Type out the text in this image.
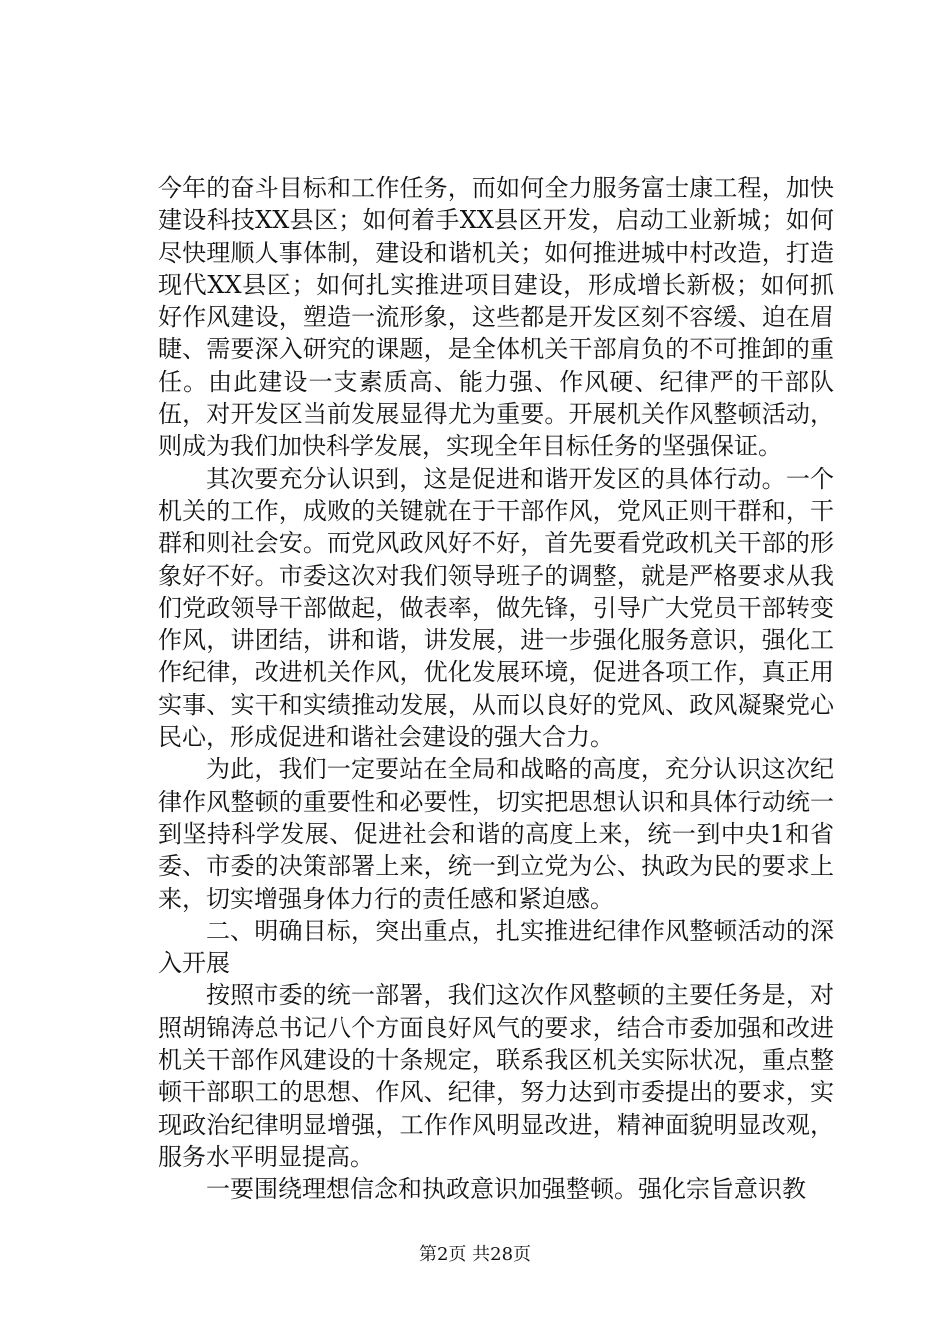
今年的奋斗目标和工作任务，而如何全力服务富士康工程，加快建设科技XX县区；如何着手XX县区开发，启动工业新城；如何尽快理顺人事体制，建设和谐机关；如何推进城中村改造，打造现代XX县区；如何扎实推进项目建设，形成增长新极；如何抓好作风建设，塑造一流形象，这些都是开发区刻不容缓、迫在眉睫、需要深入研究的课题，是全体机关干部肩负的不可推卸的重任。由此建设一支素质高、能力强、作风硬、纪律严的干部队伍，对开发区当前发展显得尤为重要。开展机关作风整顿活动，则成为我们加快科学发展，实现全年目标任务的坚强保证。

其次要充分认识到，这是促进和谐开发区的具体行动。一个机关的工作，成败的关键就在于干部作风，党风正则干群和，干群和则社会安。而党风政风好不好，首先要看党政机关干部的形象好不好。市委这次对我们领导班子的调整，就是严格要求从我们党政领导干部做起，做表率，做先锋，引导广大党员干部转变作风，讲团结，讲和谐，讲发展，进一步强化服务意识，强化工作纪律，改进机关作风，优化发展环境，促进各项工作，真正用实事、实干和实绩推动发展，从而以良好的党风、政风凝聚党心民心，形成促进和谐社会建设的强大合力。

为此，我们一定要站在全局和战略的高度，充分认识这次纪律作风整顿的重要性和必要性，切实把思想认识和具体行动统一到坚持科学发展、促进社会和谐的高度上来，统一到中央1和省委、市委的决策部署上来，统一到立党为公、执政为民的要求上来，切实增强身体力行的责任感和紧迫感。

二、明确目标，突出重点，扎实推进纪律作风整顿活动的深入开展

按照市委的统一部署，我们这次作风整顿的主要任务是，对照胡锦涛总书记八个方面良好风气的要求，结合市委加强和改进机关干部作风建设的十条规定，联系我区机关实际状况，重点整顿干部职工的思想、作风、纪律，努力达到市委提出的要求，实现政治纪律明显增强，工作作风明显改进，精神面貌明显改观，服务水平明显提高。

一要围绕理想信念和执政意识加强整顿。强化宗旨意识教

第2页 共28页
